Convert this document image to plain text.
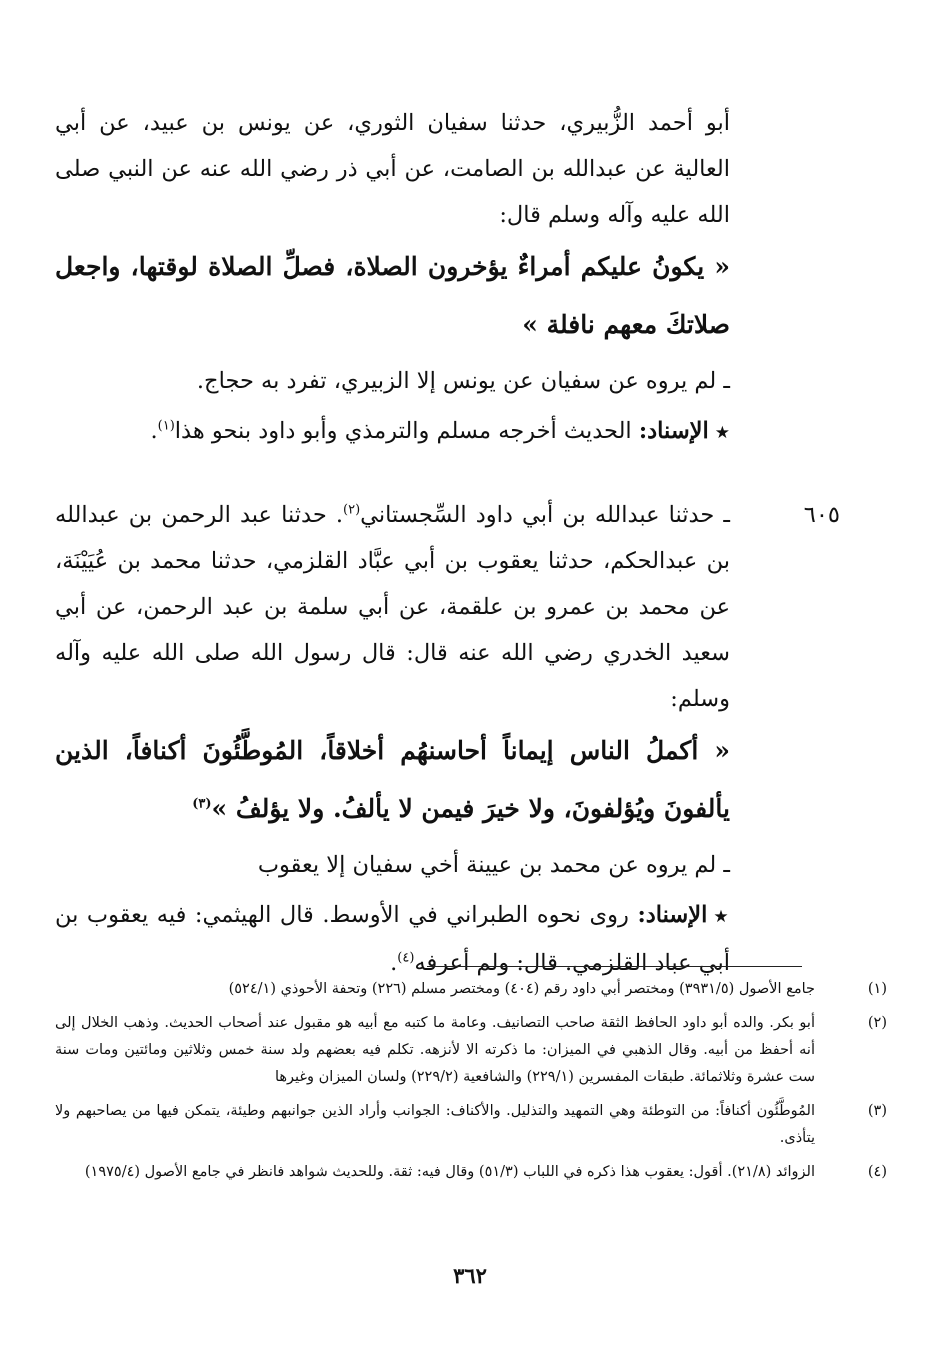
أبو أحمد الزُّبيري، حدثنا سفيان الثوري، عن يونس بن عبيد، عن أبي العالية عن عبدالله بن الصامت، عن أبي ذر رضي الله عنه عن النبي صلى الله عليه وآله وسلم قال:

« يكونُ عليكم أمراءٌ يؤخرون الصلاة، فصلِّ الصلاة لوقتها، واجعل صلاتكَ معهم نافلة »

ـ لم يروه عن سفيان عن يونس إلا الزبيري، تفرد به حجاج.

★الإسناد: الحديث أخرجه مسلم والترمذي وأبو داود بنحو هذا$^{(١)}$.

٦٠٥

ـ حدثنا عبدالله بن أبي داود السِّجستاني$^{(٢)}$. حدثنا عبد الرحمن بن عبدالله بن عبدالحكم، حدثنا يعقوب بن أبي عبَّاد القلزمي، حدثنا محمد بن عُيَيْنَة، عن محمد بن عمرو بن علقمة، عن أبي سلمة بن عبد الرحمن، عن أبي سعيد الخدري رضي الله عنه قال: قال رسول الله صلى الله عليه وآله وسلم:

« أكملُ الناس إيماناً أحاسنهُم أخلاقاً، المُوطَّئُونَ أكنافاً، الذين يألفونَ ويُؤلفونَ، ولا خيرَ فيمن لا يألفُ. ولا يؤلفُ »$^{(٣)}$

ـ لم يروه عن محمد بن عيينة أخي سفيان إلا يعقوب

★الإسناد: روى نحوه الطبراني في الأوسط. قال الهيثمي: فيه يعقوب بن أبي عباد القلزمي. قال: ولم أعرفه$^{(٤)}$.

(١)
جامع الأصول (٣٩٣١/٥) ومختصر أبي داود رقم (٤٠٤) ومختصر مسلم (٢٢٦) وتحفة الأحوذي (٥٢٤/١)

(٢)
أبو بكر. والده أبو داود الحافظ الثقة صاحب التصانيف. وعامة ما كتبه مع أبيه هو مقبول عند أصحاب الحديث. وذهب الخلال إلى أنه أحفظ من أبيه. وقال الذهبي في الميزان: ما ذكرته الا لأنزهه. تكلم فيه بعضهم ولد سنة خمس وثلاثين ومائتين ومات سنة ست عشرة وثلاثمائة. طبقات المفسرين (٢٢٩/١) والشافعية (٢٢٩/٢) ولسان الميزان وغيرها

(٣)
المُوطَّئُون أكنافاً: من التوطئة وهي التمهيد والتذليل. والأكناف: الجوانب وأراد الذين جوانبهم وطيئة، يتمكن فيها من يصاحبهم ولا يتأذى.

(٤)
الزوائد (٢١/٨). أقول: يعقوب هذا ذكره في اللباب (٥١/٣) وقال فيه: ثقة. وللحديث شواهد فانظر في جامع الأصول (١٩٧٥/٤)

٣٦٢
